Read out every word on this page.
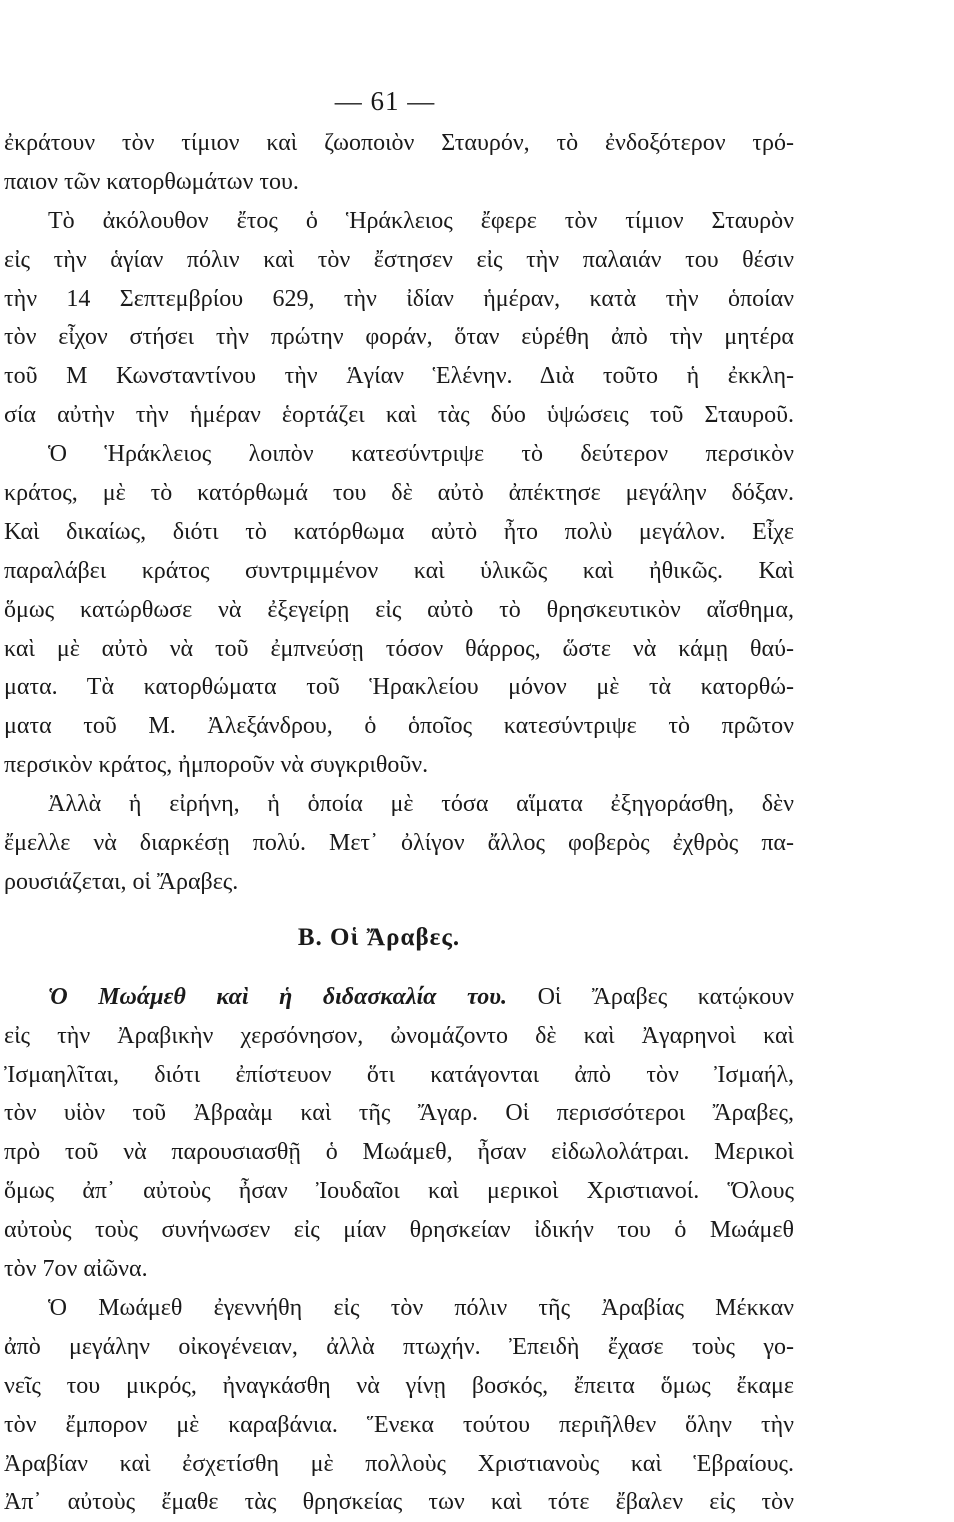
— 61 —
ἐκράτουν τὸν τίμιον καὶ ζωοποιὸν Σταυρόν, τὸ ἐνδοξότερον τρό-
παιον τῶν κατορθωμάτων του.
Τὸ ἀκόλουθον ἔτος ὁ Ἡράκλειος ἔφερε τὸν τίμιον Σταυρὸν
εἰς τὴν ἁγίαν πόλιν καὶ τὸν ἔστησεν εἰς τὴν παλαιάν του θέσιν
τὴν 14 Σεπτεμβρίου 629, τὴν ἰδίαν ἡμέραν, κατὰ τὴν ὁποίαν
τὸν εἶχον στήσει τὴν πρώτην φοράν, ὅταν εὑρέθη ἀπὸ τὴν μητέρα
τοῦ Μ Κωνσταντίνου τὴν Ἁγίαν Ἑλένην. Διὰ τοῦτο ἡ ἐκκλη-
σία αὐτὴν τὴν ἡμέραν ἑορτάζει καὶ τὰς δύο ὑψώσεις τοῦ Σταυροῦ.
Ὁ Ἡράκλειος λοιπὸν κατεσύντριψε τὸ δεύτερον περσικὸν
κράτος, μὲ τὸ κατόρθωμά του δὲ αὐτὸ ἀπέκτησε μεγάλην δόξαν.
Καὶ δικαίως, διότι τὸ κατόρθωμα αὐτὸ ἦτο πολὺ μεγάλον. Εἶχε
παραλάβει κράτος συντριμμένον καὶ ὑλικῶς καὶ ἠθικῶς. Καὶ
ὅμως κατώρθωσε νὰ ἐξεγείρῃ εἰς αὐτὸ τὸ θρησκευτικὸν αἴσθημα,
καὶ μὲ αὐτὸ νὰ τοῦ ἐμπνεύσῃ τόσον θάρρος, ὥστε νὰ κάμῃ θαύ-
ματα. Τὰ κατορθώματα τοῦ Ἡρακλείου μόνον μὲ τὰ κατορθώ-
ματα τοῦ Μ. Ἀλεξάνδρου, ὁ ὁποῖος κατεσύντριψε τὸ πρῶτον
περσικὸν κράτος, ἠμποροῦν νὰ συγκριθοῦν.
Ἀλλὰ ἡ εἰρήνη, ἡ ὁποία μὲ τόσα αἵματα ἐξηγοράσθη, δὲν
ἔμελλε νὰ διαρκέσῃ πολύ. Μετ᾽ ὀλίγον ἄλλος φοβερὸς ἐχθρὸς πα-
ρουσιάζεται, οἱ Ἄραβες.
Β. Οἱ Ἄραβες.
Ὁ Μωάμεθ καὶ ἡ διδασκαλία του. Οἱ Ἄραβες κατῴκουν
εἰς τὴν Ἀραβικὴν χερσόνησον, ὠνομάζοντο δὲ καὶ Ἀγαρηνοὶ καὶ
Ἰσμαηλῖται, διότι ἐπίστευον ὅτι κατάγονται ἀπὸ τὸν Ἰσμαήλ,
τὸν υἱὸν τοῦ Ἀβραὰμ καὶ τῆς Ἄγαρ. Οἱ περισσότεροι Ἄραβες,
πρὸ τοῦ νὰ παρουσιασθῇ ὁ Μωάμεθ, ἦσαν εἰδωλολάτραι. Μερικοὶ
ὅμως ἀπ᾽ αὐτοὺς ἦσαν Ἰουδαῖοι καὶ μερικοὶ Χριστιανοί. Ὅλους
αὐτοὺς τοὺς συνήνωσεν εἰς μίαν θρησκείαν ἰδικήν του ὁ Μωάμεθ
τὸν 7ον αἰῶνα.
Ὁ Μωάμεθ ἐγεννήθη εἰς τὸν πόλιν τῆς Ἀραβίας Μέκκαν
ἀπὸ μεγάλην οἰκογένειαν, ἀλλὰ πτωχήν. Ἐπειδὴ ἔχασε τοὺς γο-
νεῖς του μικρός, ἠναγκάσθη νὰ γίνῃ βοσκός, ἔπειτα ὅμως ἔκαμε
τὸν ἔμπορον μὲ καραβάνια. Ἕνεκα τούτου περιῆλθεν ὅλην τὴν
Ἀραβίαν καὶ ἐσχετίσθη μὲ πολλοὺς Χριστιανοὺς καὶ Ἑβραίους.
Ἀπ᾽ αὐτοὺς ἔμαθε τὰς θρησκείας των καὶ τότε ἔβαλεν εἰς τὸν
